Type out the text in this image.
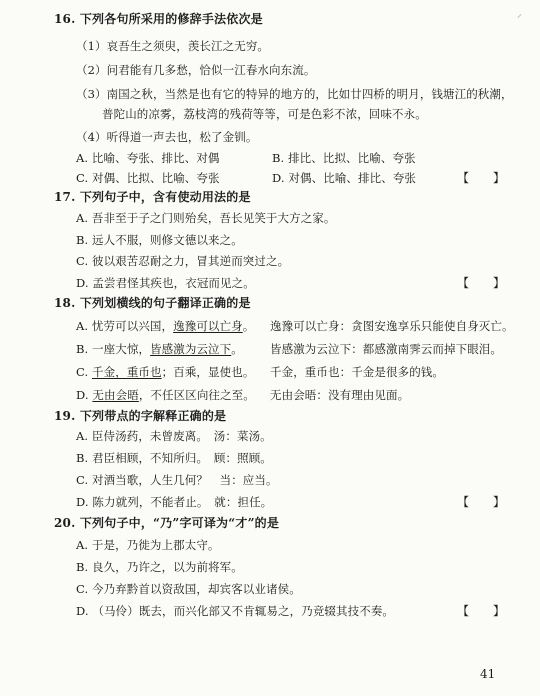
⸝
16. 下列各句所采用的修辞手法依次是
（1）哀吾生之须臾，羡长江之无穷。
（2）问君能有几多愁，恰似一江春水向东流。
（3）南国之秋，当然是也有它的特异的地方的，比如廿四桥的明月，钱塘江的秋潮，
普陀山的凉雾，荔枝湾的残荷等等，可是色彩不浓，回味不永。
（4）听得道一声去也，松了金钏。
A. 比喻、夸张、排比、对偶	B. 排比、比拟、比喻、夸张
C. 对偶、比拟、比喻、夸张	D. 对偶、比喻、排比、夸张	【　　】
17. 下列句子中，含有使动用法的是
A. 吾非至于子之门则殆矣，吾长见笑于大方之家。
B. 远人不服，则修文德以来之。
C. 彼以艰苦忍耐之力，冒其逆而突过之。
D. 孟尝君怪其疾也，衣冠而见之。	【　　】
18. 下列划横线的句子翻译正确的是
A. 忧劳可以兴国，逸豫可以亡身。 逸豫可以亡身：贪图安逸享乐只能使自身灭亡。
B. 一座大惊，皆感激为云泣下。 皆感激为云泣下：都感激南霁云而掉下眼泪。
C. 千金，重币也；百乘，显使也。 千金，重币也：千金是很多的钱。
D. 无由会晤，不任区区向往之至。 无由会晤：没有理由见面。
19. 下列带点的字解释正确的是
A. 臣侍汤药，未曾废离。　汤：菜汤。
B. 君臣相顾，不知所归。　顾：照顾。
C. 对酒当歌，人生几何？　当：应当。
D. 陈力就列，不能者止。　就：担任。	【　　】
20. 下列句子中，“乃”字可译为“才”的是
A. 于是，乃徙为上郡太守。
B. 良久，乃许之，以为前将军。
C. 今乃弃黔首以资敌国，却宾客以业诸侯。
D. （马伶）既去，而兴化部又不肯辄易之，乃竞辍其技不奏。	【　　】
41
